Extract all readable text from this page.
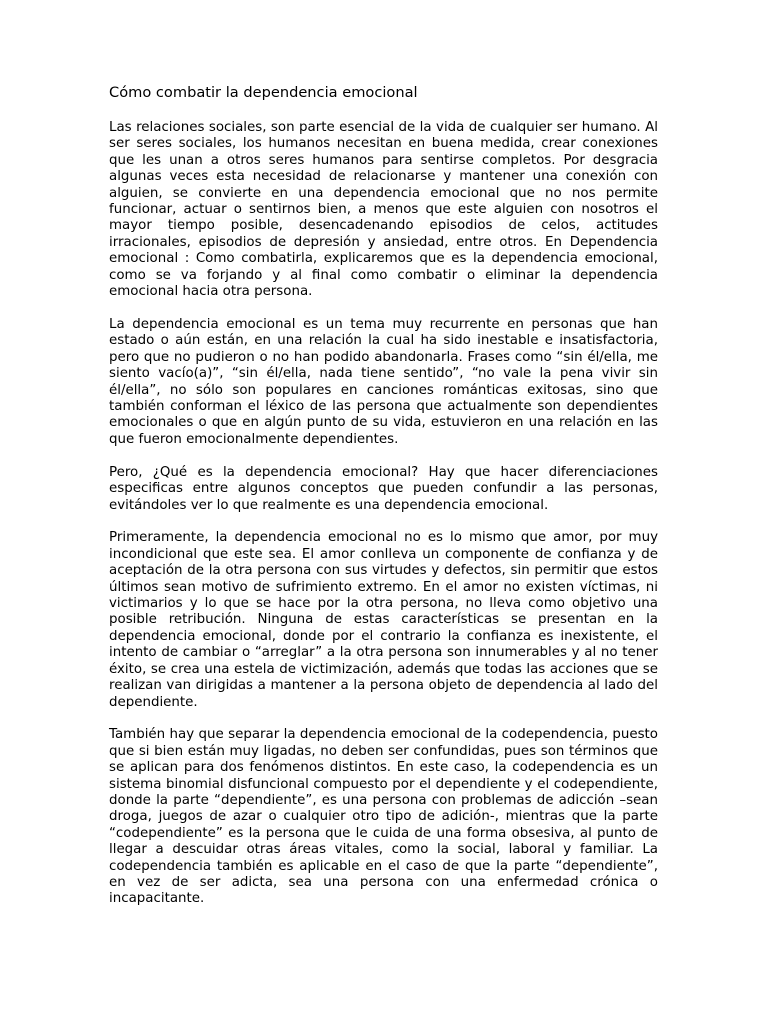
Cómo combatir la dependencia emocional

Las relaciones sociales, son parte esencial de la vida de cualquier ser humano. Al ser seres sociales, los humanos necesitan en buena medida, crear conexiones que les unan a otros seres humanos para sentirse completos. Por desgracia algunas veces esta necesidad de relacionarse y mantener una conexión con alguien, se convierte en una dependencia emocional que no nos permite funcionar, actuar o sentirnos bien, a menos que este alguien con nosotros el mayor tiempo posible, desencadenando episodios de celos, actitudes irracionales, episodios de depresión y ansiedad, entre otros. En Dependencia emocional : Como combatirla, explicaremos que es la dependencia emocional, como se va forjando y al final como combatir o eliminar la dependencia emocional hacia otra persona.

La dependencia emocional es un tema muy recurrente en personas que han estado o aún están, en una relación la cual ha sido inestable e insatisfactoria, pero que no pudieron o no han podido abandonarla. Frases como “sin él/ella, me siento vacío(a)”, “sin él/ella, nada tiene sentido”, “no vale la pena vivir sin él/ella”, no sólo son populares en canciones románticas exitosas, sino que también conforman el léxico de las persona que actualmente son dependientes emocionales o que en algún punto de su vida, estuvieron en una relación en las que fueron emocionalmente dependientes.

Pero, ¿Qué es la dependencia emocional? Hay que hacer diferenciaciones especificas entre algunos conceptos que pueden confundir a las personas, evitándoles ver lo que realmente es una dependencia emocional.

Primeramente, la dependencia emocional no es lo mismo que amor, por muy incondicional que este sea. El amor conlleva un componente de confianza y de aceptación de la otra persona con sus virtudes y defectos, sin permitir que estos últimos sean motivo de sufrimiento extremo. En el amor no existen víctimas, ni victimarios y lo que se hace por la otra persona, no lleva como objetivo una posible retribución. Ninguna de estas características se presentan en la dependencia emocional, donde por el contrario la confianza es inexistente, el intento de cambiar o “arreglar” a la otra persona son innumerables y al no tener éxito, se crea una estela de victimización, además que todas las acciones que se realizan van dirigidas a mantener a la persona objeto de dependencia al lado del dependiente.

También hay que separar la dependencia emocional de la codependencia, puesto que si bien están muy ligadas, no deben ser confundidas, pues son términos que se aplican para dos fenómenos distintos. En este caso, la codependencia es un sistema binomial disfuncional compuesto por el dependiente y el codependiente, donde la parte “dependiente”, es una persona con problemas de adicción –sean droga, juegos de azar o cualquier otro tipo de adición-, mientras que la parte “codependiente” es la persona que le cuida de una forma obsesiva, al punto de llegar a descuidar otras áreas vitales, como la social, laboral y familiar. La codependencia también es aplicable en el caso de que la parte “dependiente”, en vez de ser adicta, sea una persona con una enfermedad crónica o incapacitante.
